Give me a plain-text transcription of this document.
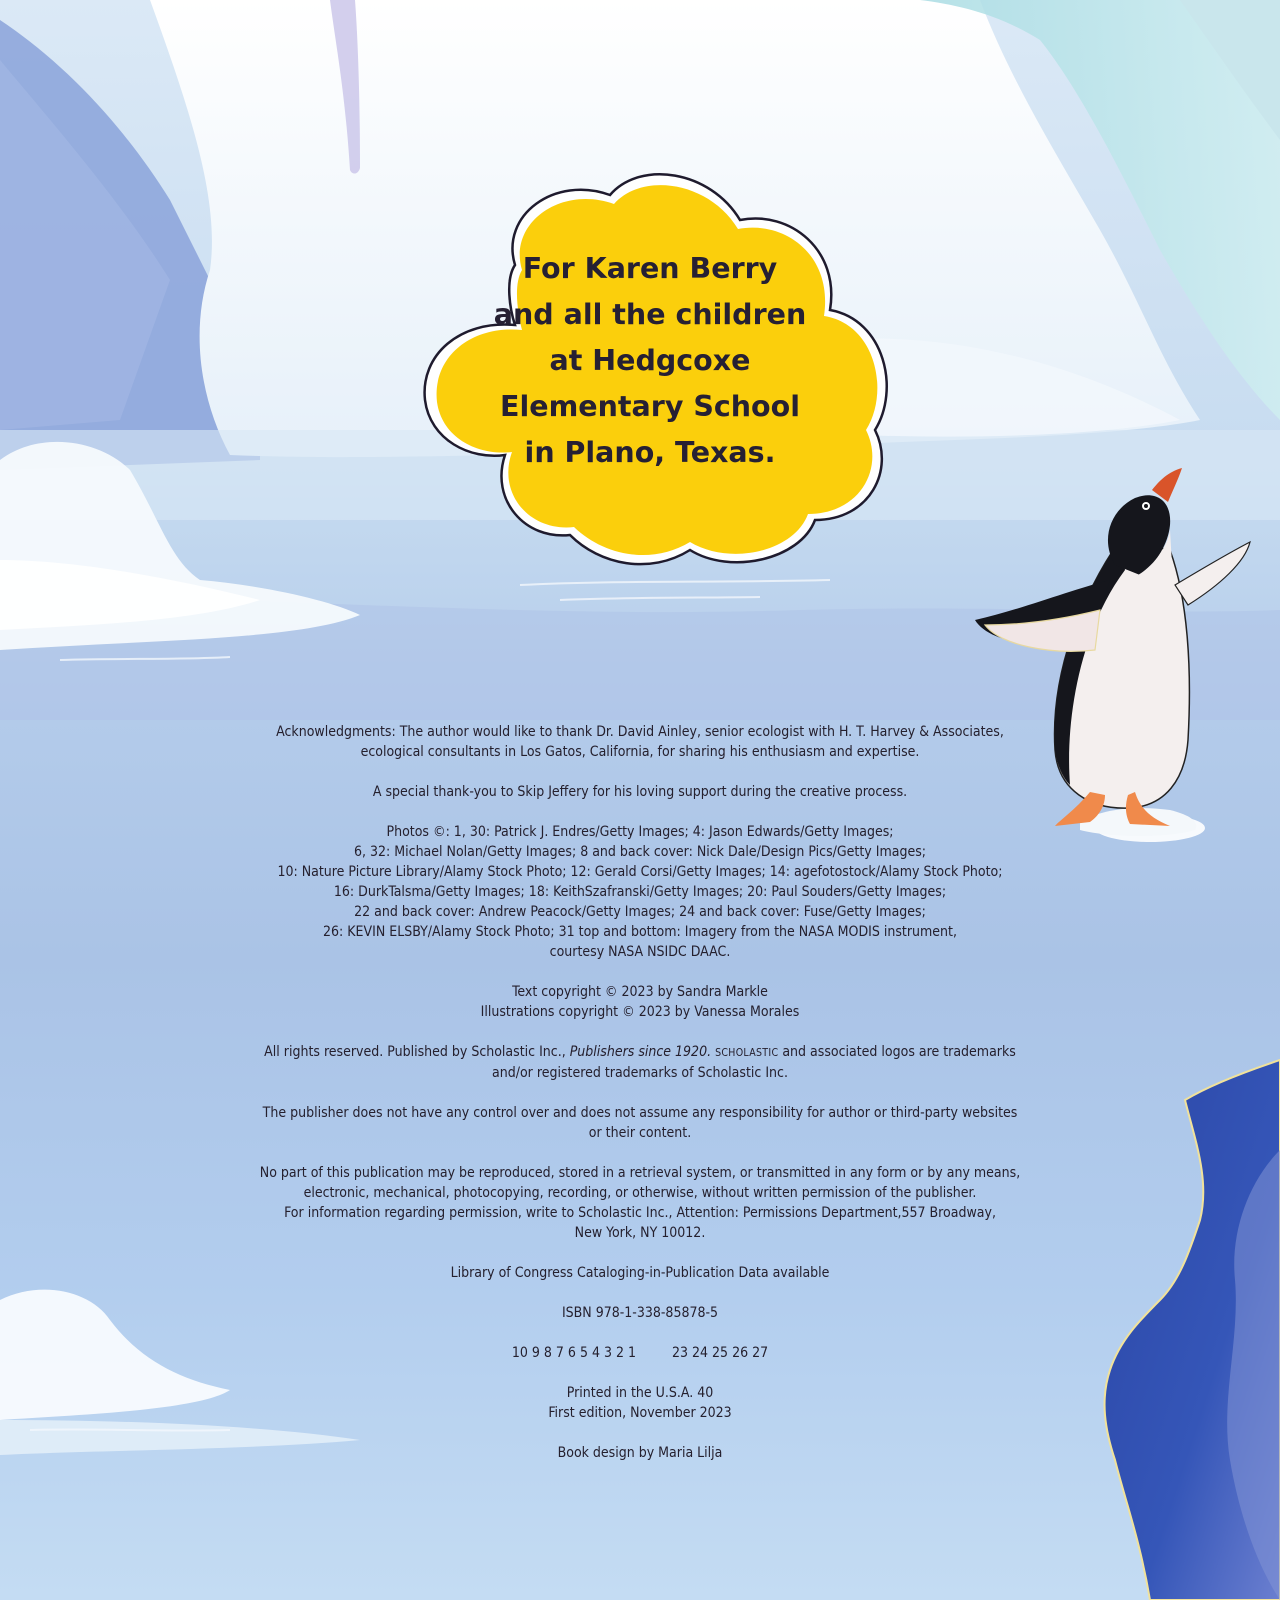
For Karen Berry
and all the children
at Hedgcoxe
Elementary School
in Plano, Texas.
Acknowledgments: The author would like to thank Dr. David Ainley, senior ecologist with H. T. Harvey & Associates,
ecological consultants in Los Gatos, California, for sharing his enthusiasm and expertise.
A special thank-you to Skip Jeffery for his loving support during the creative process.
Photos ©: 1, 30: Patrick J. Endres/Getty Images; 4: Jason Edwards/Getty Images;
6, 32: Michael Nolan/Getty Images; 8 and back cover: Nick Dale/Design Pics/Getty Images;
10: Nature Picture Library/Alamy Stock Photo; 12: Gerald Corsi/Getty Images; 14: agefotostock/Alamy Stock Photo;
16: DurkTalsma/Getty Images; 18: KeithSzafranski/Getty Images; 20: Paul Souders/Getty Images;
22 and back cover: Andrew Peacock/Getty Images; 24 and back cover: Fuse/Getty Images;
26: KEVIN ELSBY/Alamy Stock Photo; 31 top and bottom: Imagery from the NASA MODIS instrument,
courtesy NASA NSIDC DAAC.
Text copyright © 2023 by Sandra Markle
Illustrations copyright © 2023 by Vanessa Morales
All rights reserved. Published by Scholastic Inc., Publishers since 1920. SCHOLASTIC and associated logos are trademarks
and/or registered trademarks of Scholastic Inc.
The publisher does not have any control over and does not assume any responsibility for author or third-party websites
or their content.
No part of this publication may be reproduced, stored in a retrieval system, or transmitted in any form or by any means,
electronic, mechanical, photocopying, recording, or otherwise, without written permission of the publisher.
For information regarding permission, write to Scholastic Inc., Attention: Permissions Department,557 Broadway,
New York, NY 10012.
Library of Congress Cataloging-in-Publication Data available
ISBN 978-1-338-85878-5
10 9 8 7 6 5 4 3 2 1	23 24 25 26 27
Printed in the U.S.A. 40
First edition, November 2023
Book design by Maria Lilja
